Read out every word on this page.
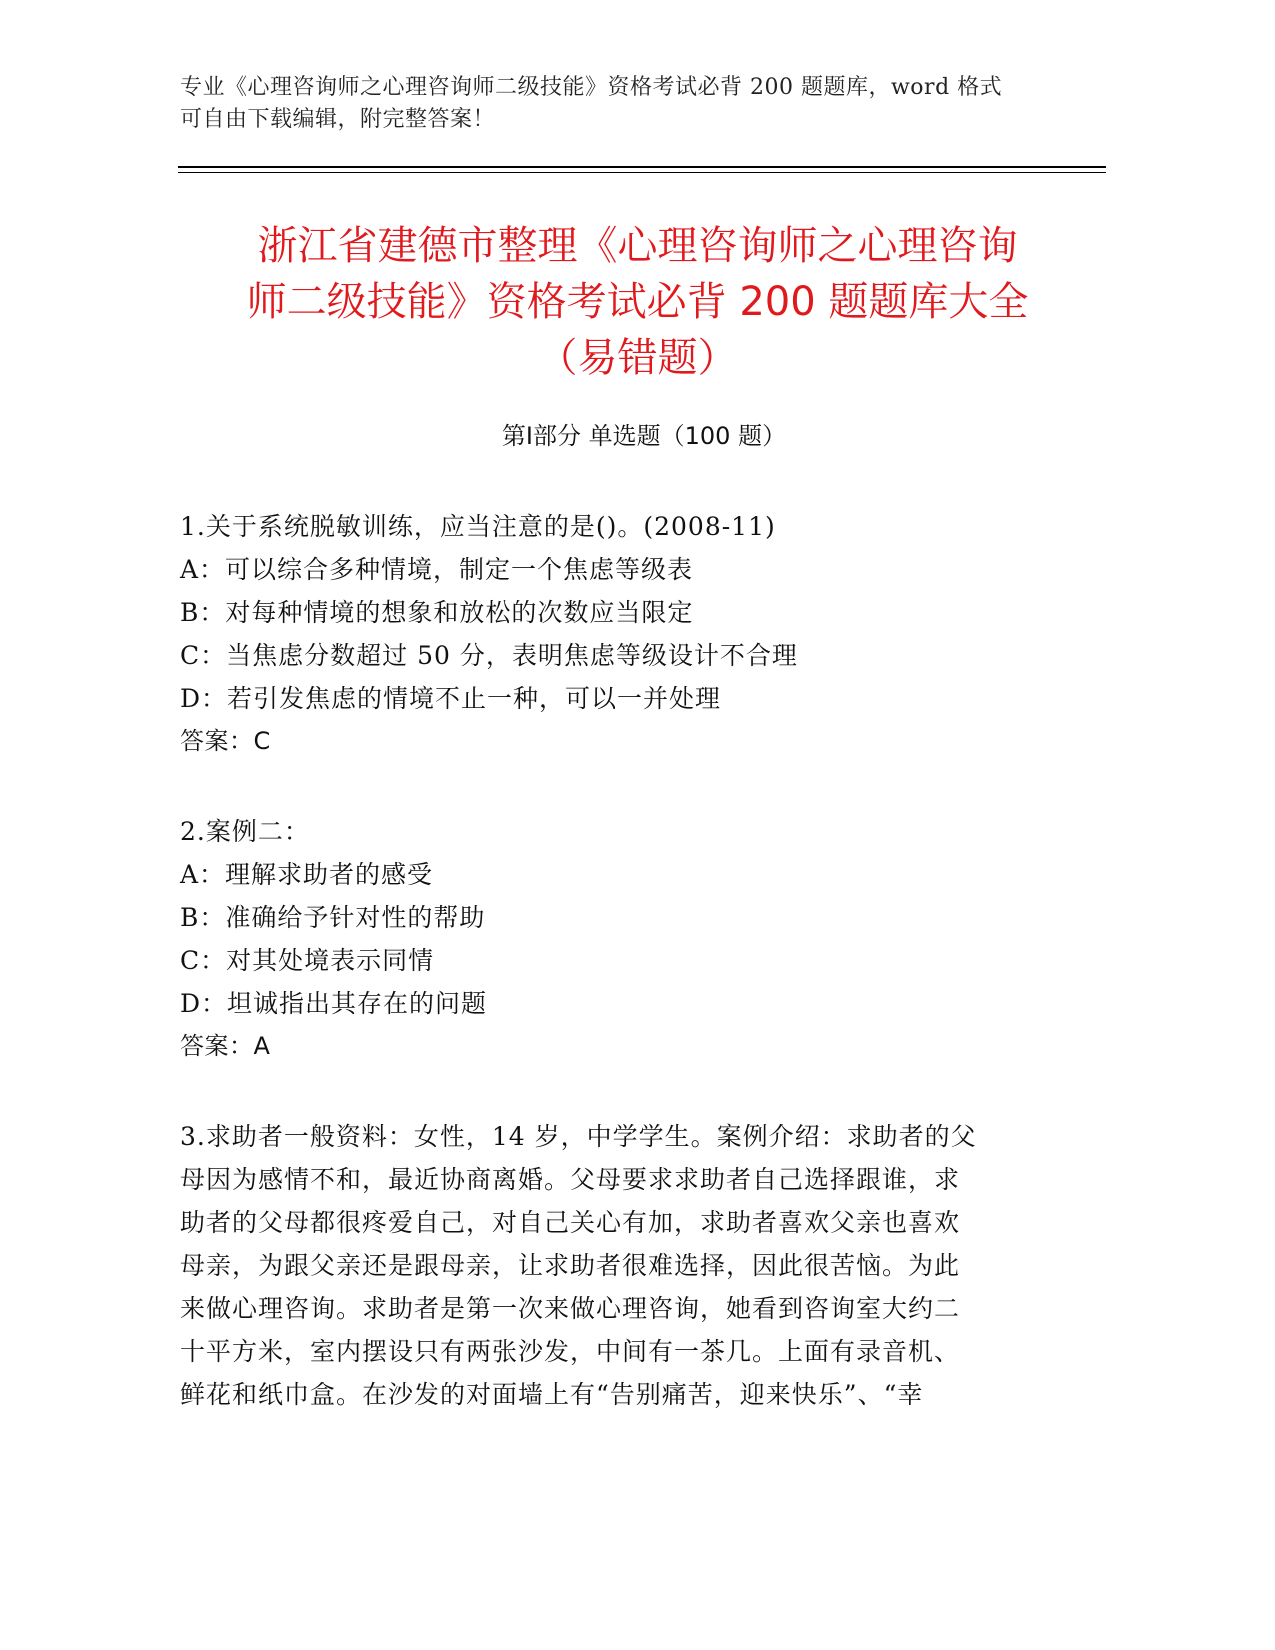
专业《心理咨询师之心理咨询师二级技能》资格考试必背 200 题题库，word 格式
可自由下载编辑，附完整答案！
浙江省建德市整理《心理咨询师之心理咨询
师二级技能》资格考试必背 200 题题库大全
（易错题）
第Ⅰ部分 单选题（100 题）
1.关于系统脱敏训练，应当注意的是()。(2008-11)
A：可以综合多种情境，制定一个焦虑等级表
B：对每种情境的想象和放松的次数应当限定
C：当焦虑分数超过 50 分，表明焦虑等级设计不合理
D：若引发焦虑的情境不止一种，可以一并处理
答案：C
2.案例二：
A：理解求助者的感受
B：准确给予针对性的帮助
C：对其处境表示同情
D：坦诚指出其存在的问题
答案：A
3.求助者一般资料：女性，14 岁，中学学生。案例介绍：求助者的父
母因为感情不和，最近协商离婚。父母要求求助者自己选择跟谁，求
助者的父母都很疼爱自己，对自己关心有加，求助者喜欢父亲也喜欢
母亲，为跟父亲还是跟母亲，让求助者很难选择，因此很苦恼。为此
来做心理咨询。求助者是第一次来做心理咨询，她看到咨询室大约二
十平方米，室内摆设只有两张沙发，中间有一茶几。上面有录音机、
鲜花和纸巾盒。在沙发的对面墙上有“告别痛苦，迎来快乐”、“幸
